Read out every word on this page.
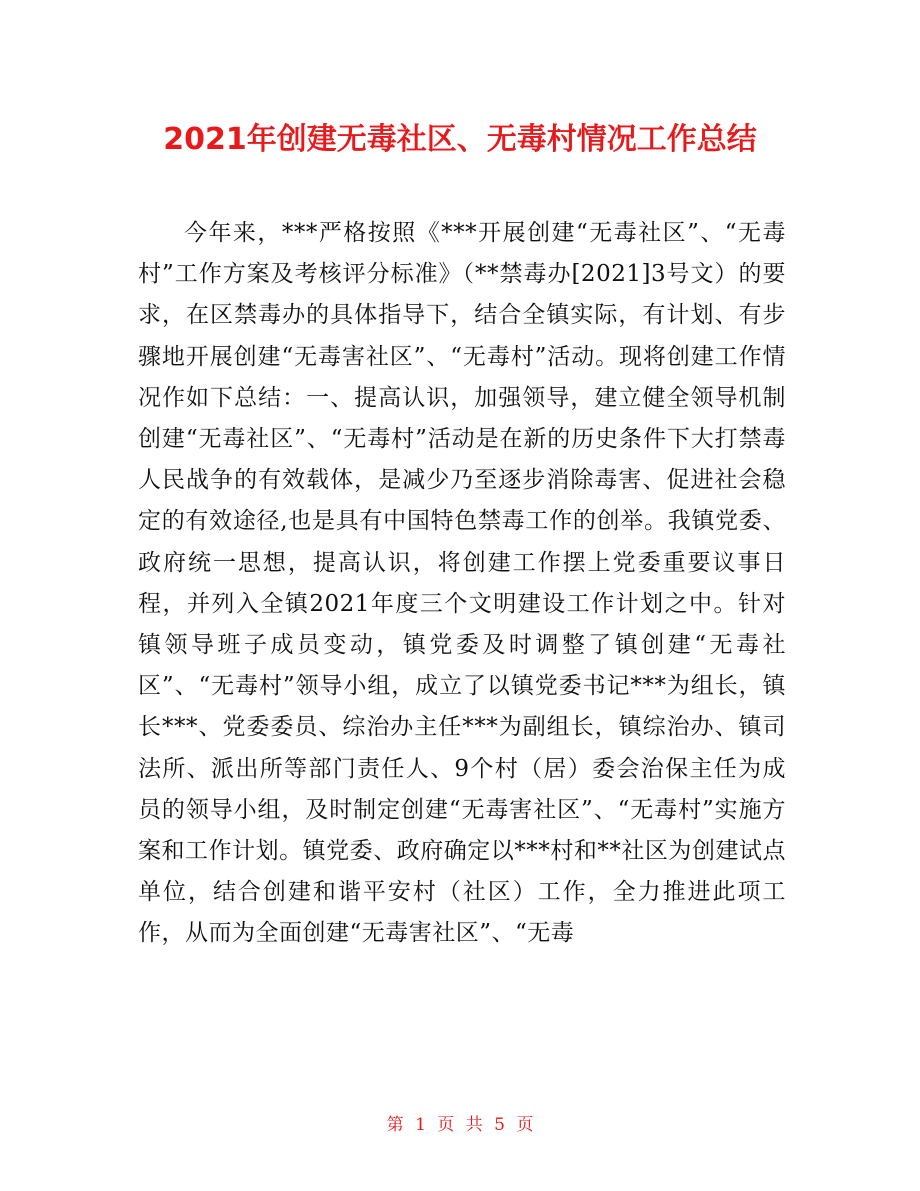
2021年创建无毒社区、无毒村情况工作总结

今年来，***严格按照《***开展创建“无毒社区”、“无毒村”工作方案及考核评分标准》（**禁毒办[2021]3号文）的要求，在区禁毒办的具体指导下，结合全镇实际，有计划、有步骤地开展创建“无毒害社区”、“无毒村”活动。现将创建工作情况作如下总结：一、提高认识，加强领导，建立健全领导机制创建“无毒社区”、“无毒村”活动是在新的历史条件下大打禁毒人民战争的有效载体，是减少乃至逐步消除毒害、促进社会稳定的有效途径,也是具有中国特色禁毒工作的创举。我镇党委、政府统一思想，提高认识，将创建工作摆上党委重要议事日程，并列入全镇2021年度三个文明建设工作计划之中。针对镇领导班子成员变动，镇党委及时调整了镇创建“无毒社区”、“无毒村”领导小组，成立了以镇党委书记***为组长，镇长***、党委委员、综治办主任***为副组长，镇综治办、镇司法所、派出所等部门责任人、9个村（居）委会治保主任为成员的领导小组，及时制定创建“无毒害社区”、“无毒村”实施方案和工作计划。镇党委、政府确定以***村和**社区为创建试点单位，结合创建和谐平安村（社区）工作，全力推进此项工作，从而为全面创建“无毒害社区”、“无毒

第 1 页 共 5 页
